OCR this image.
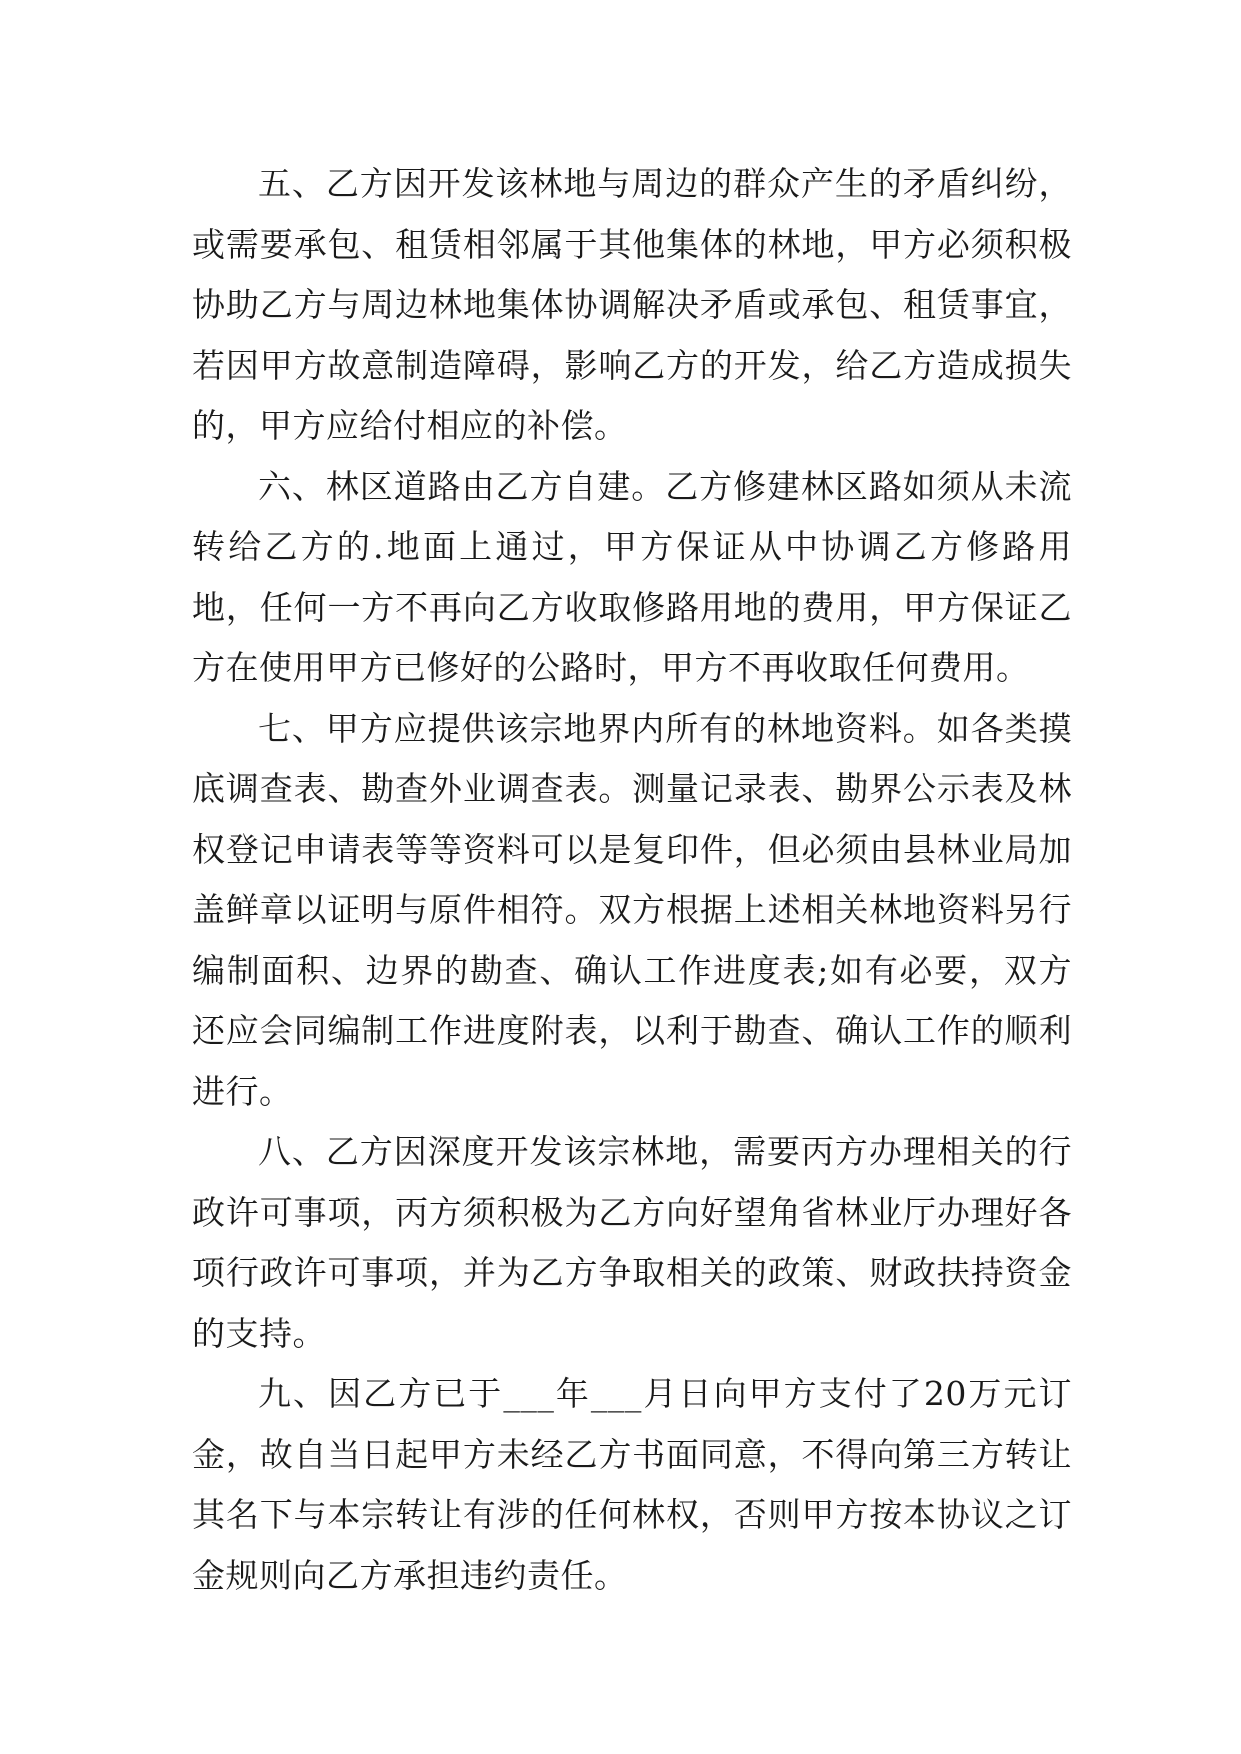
五、乙方因开发该林地与周边的群众产生的矛盾纠纷，或需要承包、租赁相邻属于其他集体的林地，甲方必须积极协助乙方与周边林地集体协调解决矛盾或承包、租赁事宜，若因甲方故意制造障碍，影响乙方的开发，给乙方造成损失的，甲方应给付相应的补偿。

六、林区道路由乙方自建。乙方修建林区路如须从未流转给乙方的.地面上通过，甲方保证从中协调乙方修路用地，任何一方不再向乙方收取修路用地的费用，甲方保证乙方在使用甲方已修好的公路时，甲方不再收取任何费用。

七、甲方应提供该宗地界内所有的林地资料。如各类摸底调查表、勘查外业调查表。测量记录表、勘界公示表及林权登记申请表等等资料可以是复印件，但必须由县林业局加盖鲜章以证明与原件相符。双方根据上述相关林地资料另行编制面积、边界的勘查、确认工作进度表;如有必要，双方还应会同编制工作进度附表，以利于勘查、确认工作的顺利进行。

八、乙方因深度开发该宗林地，需要丙方办理相关的行政许可事项，丙方须积极为乙方向好望角省林业厅办理好各项行政许可事项，并为乙方争取相关的政策、财政扶持资金的支持。

九、因乙方已于___年___月日向甲方支付了20万元订金，故自当日起甲方未经乙方书面同意，不得向第三方转让其名下与本宗转让有涉的任何林权，否则甲方按本协议之订金规则向乙方承担违约责任。
